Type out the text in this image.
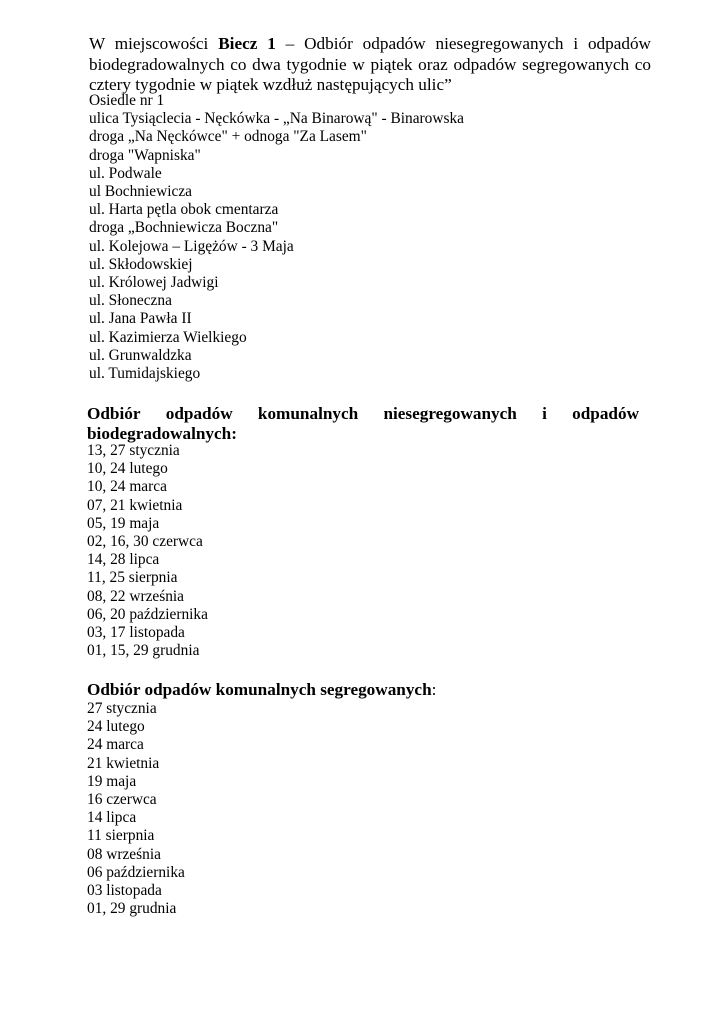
W miejscowości Biecz 1 – Odbiór odpadów niesegregowanych i odpadów biodegradowalnych co dwa tygodnie w piątek oraz odpadów segregowanych co cztery tygodnie w piątek wzdłuż następujących ulic”
Osiedle nr 1
ulica Tysiąclecia - Nęckówka - „Na Binarową" - Binarowska
droga „Na Nęckówce" + odnoga "Za Lasem"
droga "Wapniska"
ul. Podwale
ul Bochniewicza
ul. Harta pętla obok cmentarza
droga „Bochniewicza Boczna"
ul. Kolejowa – Ligężów - 3 Maja
ul. Skłodowskiej
ul. Królowej Jadwigi
ul. Słoneczna
ul. Jana Pawła II
ul. Kazimierza Wielkiego
ul. Grunwaldzka
ul. Tumidajskiego
Odbiór odpadów komunalnych niesegregowanych i odpadów
biodegradowalnych:
13, 27 stycznia
10, 24 lutego
10, 24 marca
07, 21 kwietnia
05, 19 maja
02, 16, 30 czerwca
14, 28 lipca
11, 25 sierpnia
08, 22 września
06, 20 października
03, 17 listopada
01, 15, 29 grudnia
Odbiór odpadów komunalnych segregowanych:
27 stycznia
24 lutego
24 marca
21 kwietnia
19 maja
16 czerwca
14 lipca
11 sierpnia
08 września
06 października
03 listopada
01, 29 grudnia
